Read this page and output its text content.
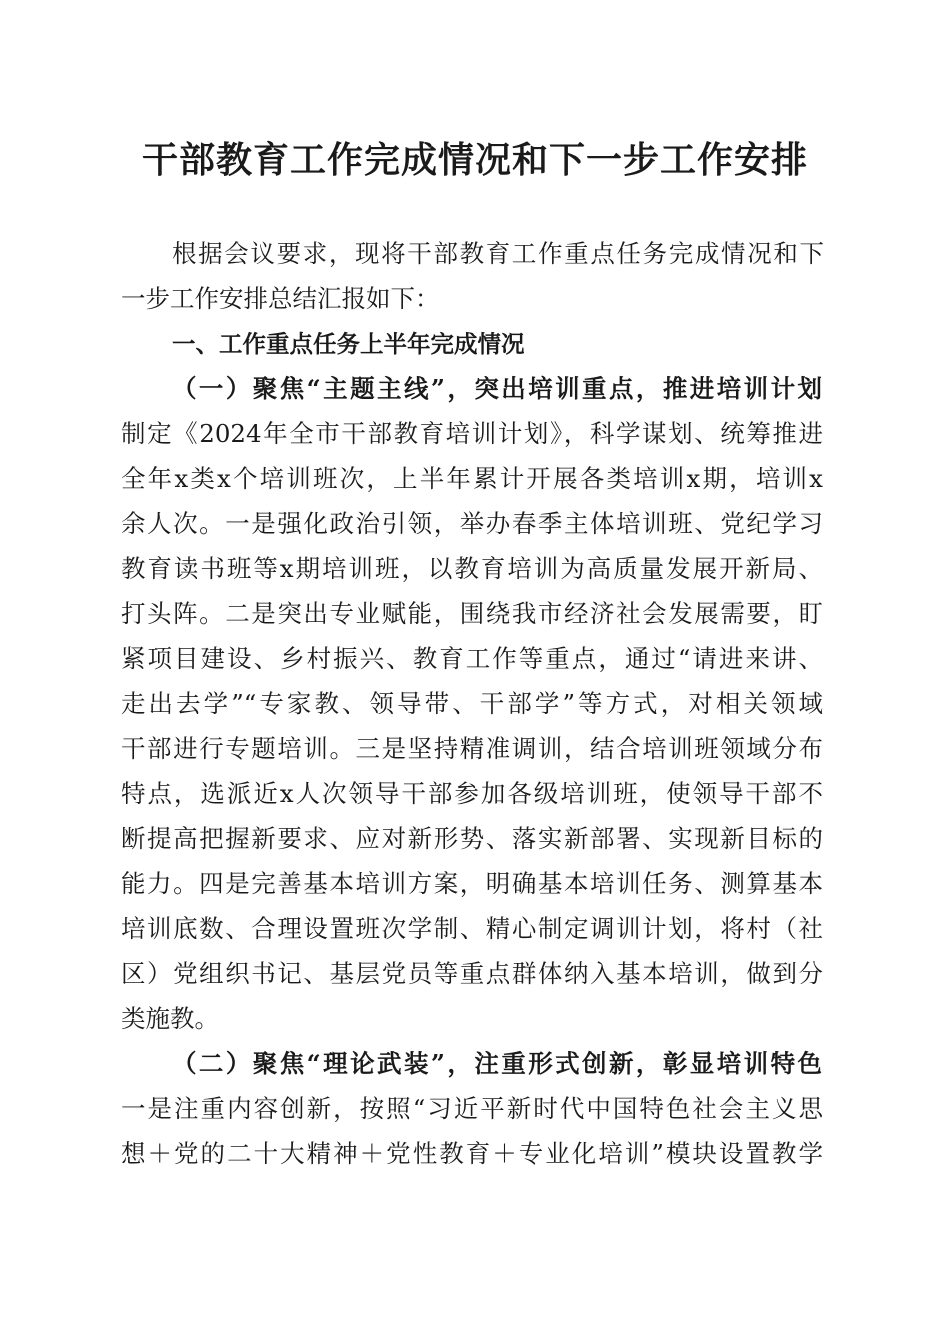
干部教育工作完成情况和下一步工作安排
根据会议要求，现将干部教育工作重点任务完成情况和下
一步工作安排总结汇报如下：
一、工作重点任务上半年完成情况
（一）聚焦“主题主线”，突出培训重点，推进培训计划
制定《2024年全市干部教育培训计划》，科学谋划、统筹推进
全年x类x个培训班次，上半年累计开展各类培训x期，培训x
余人次。一是强化政治引领，举办春季主体培训班、党纪学习
教育读书班等x期培训班，以教育培训为高质量发展开新局、
打头阵。二是突出专业赋能，围绕我市经济社会发展需要，盯
紧项目建设、乡村振兴、教育工作等重点，通过“请进来讲、
走出去学”“专家教、领导带、干部学”等方式，对相关领域
干部进行专题培训。三是坚持精准调训，结合培训班领域分布
特点，选派近x人次领导干部参加各级培训班，使领导干部不
断提高把握新要求、应对新形势、落实新部署、实现新目标的
能力。四是完善基本培训方案，明确基本培训任务、测算基本
培训底数、合理设置班次学制、精心制定调训计划，将村（社
区）党组织书记、基层党员等重点群体纳入基本培训，做到分
类施教。
（二）聚焦“理论武装”，注重形式创新，彰显培训特色
一是注重内容创新，按照“习近平新时代中国特色社会主义思
想＋党的二十大精神＋党性教育＋专业化培训”模块设置教学
